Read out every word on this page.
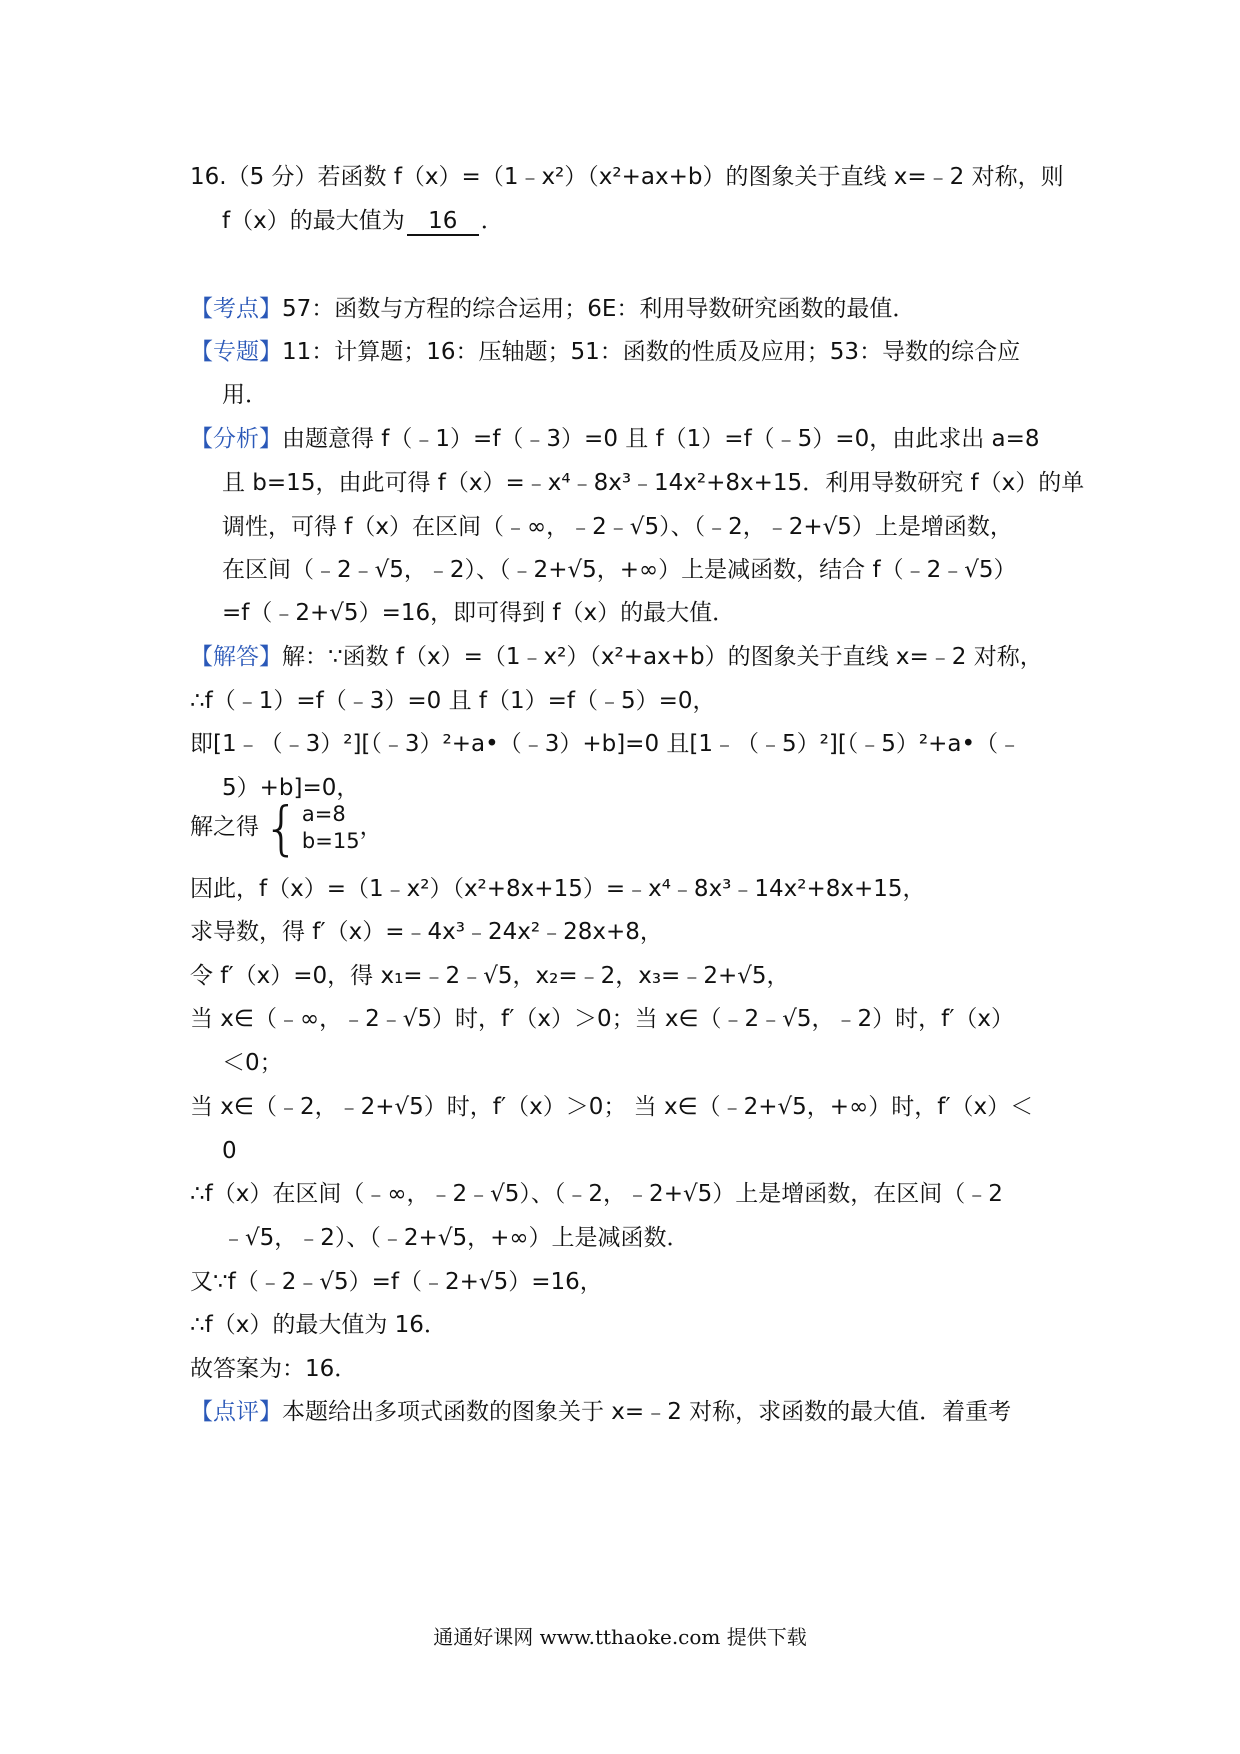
16.（5 分）若函数 f（x）=（1﹣x²）（x²+ax+b）的图象关于直线 x=﹣2 对称，则
f（x）的最大值为 16 ．
【考点】57：函数与方程的综合运用；6E：利用导数研究函数的最值．
【专题】11：计算题；16：压轴题；51：函数的性质及应用；53：导数的综合应
用．
【分析】由题意得 f（﹣1）=f（﹣3）=0 且 f（1）=f（﹣5）=0，由此求出 a=8
且 b=15，由此可得 f（x）=﹣x⁴﹣8x³﹣14x²+8x+15．利用导数研究 f（x）的单
调性，可得 f（x）在区间（﹣∞，﹣2﹣√5）、（﹣2，﹣2+√5）上是增函数，
在区间（﹣2﹣√5，﹣2）、（﹣2+√5，+∞）上是减函数，结合 f（﹣2﹣√5）
=f（﹣2+√5）=16，即可得到 f（x）的最大值．
【解答】解：∵函数 f（x）=（1﹣x²）（x²+ax+b）的图象关于直线 x=﹣2 对称，
∴f（﹣1）=f（﹣3）=0 且 f（1）=f（﹣5）=0，
即[1﹣（﹣3）²][（﹣3）²+a•（﹣3）+b]=0 且[1﹣（﹣5）²][（﹣5）²+a•（﹣
5）+b]=0，
解之得 { a=8
b=15
，
因此，f（x）=（1﹣x²）（x²+8x+15）=﹣x⁴﹣8x³﹣14x²+8x+15，
求导数，得 f′（x）=﹣4x³﹣24x²﹣28x+8，
令 f′（x）=0，得 x₁=﹣2﹣√5，x₂=﹣2，x₃=﹣2+√5，
当 x∈（﹣∞，﹣2﹣√5）时，f′（x）＞0；当 x∈（﹣2﹣√5，﹣2）时，f′（x）
＜0；
当 x∈（﹣2，﹣2+√5）时，f′（x）＞0； 当 x∈（﹣2+√5，+∞）时，f′（x）＜
0
∴f（x）在区间（﹣∞，﹣2﹣√5）、（﹣2，﹣2+√5）上是增函数，在区间（﹣2
﹣√5，﹣2）、（﹣2+√5，+∞）上是减函数．
又∵f（﹣2﹣√5）=f（﹣2+√5）=16，
∴f（x）的最大值为 16．
故答案为：16．
【点评】本题给出多项式函数的图象关于 x=﹣2 对称，求函数的最大值．着重考
通通好课网 www.tthaoke.com 提供下载
